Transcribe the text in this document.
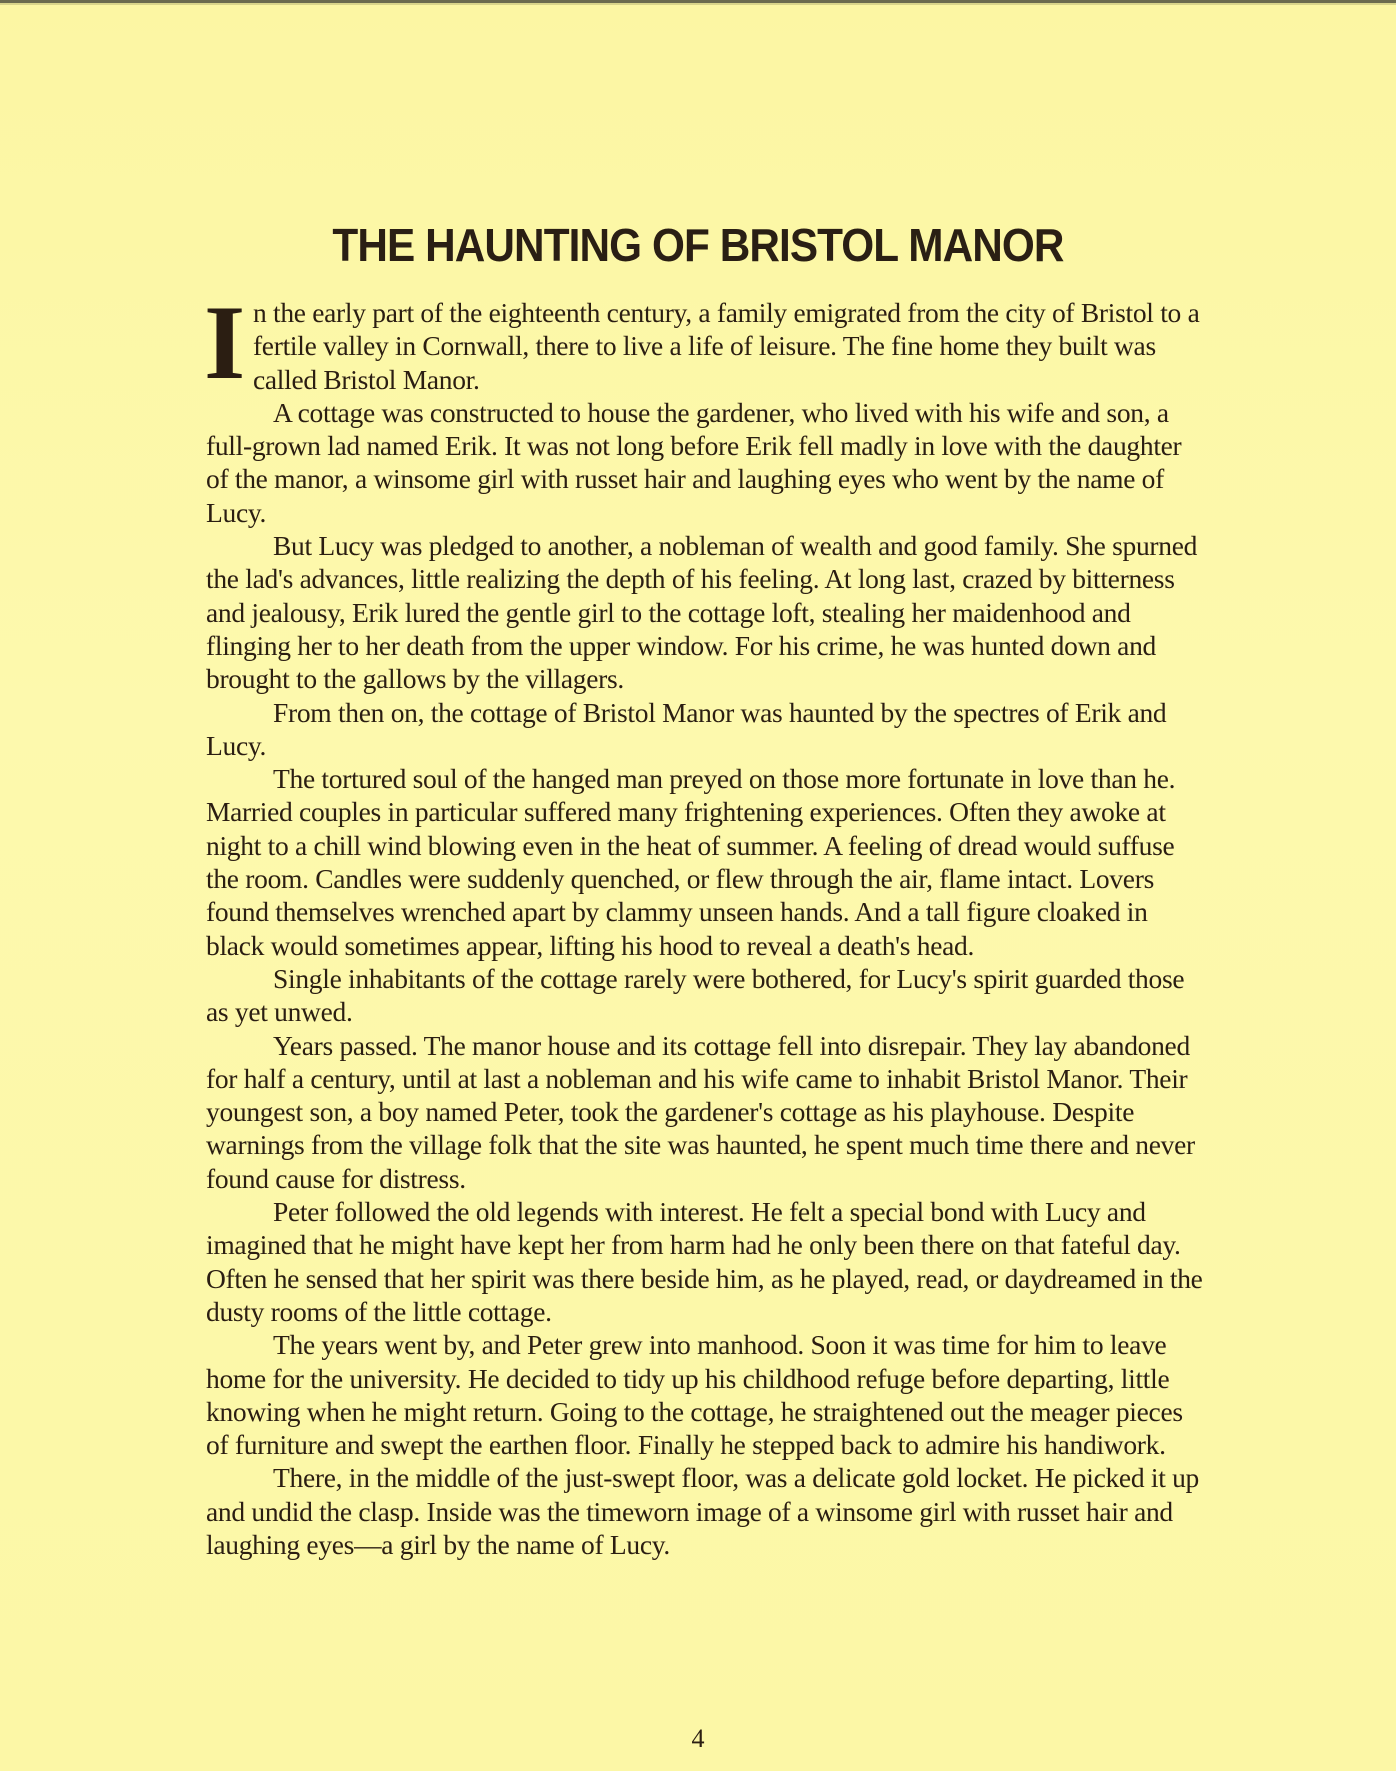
THE HAUNTING OF BRISTOL MANOR

In the early part of the eighteenth century, a family emigrated from the city of Bristol to a fertile valley in Cornwall, there to live a life of leisure. The fine home they built was called Bristol Manor.

A cottage was constructed to house the gardener, who lived with his wife and son, a full-grown lad named Erik. It was not long before Erik fell madly in love with the daughter of the manor, a winsome girl with russet hair and laughing eyes who went by the name of Lucy.

But Lucy was pledged to another, a nobleman of wealth and good family. She spurned the lad's advances, little realizing the depth of his feeling. At long last, crazed by bitterness and jealousy, Erik lured the gentle girl to the cottage loft, stealing her maidenhood and flinging her to her death from the upper window. For his crime, he was hunted down and brought to the gallows by the villagers.

From then on, the cottage of Bristol Manor was haunted by the spectres of Erik and Lucy.

The tortured soul of the hanged man preyed on those more fortunate in love than he. Married couples in particular suffered many frightening experiences. Often they awoke at night to a chill wind blowing even in the heat of summer. A feeling of dread would suffuse the room. Candles were suddenly quenched, or flew through the air, flame intact. Lovers found themselves wrenched apart by clammy unseen hands. And a tall figure cloaked in black would sometimes appear, lifting his hood to reveal a death's head.

Single inhabitants of the cottage rarely were bothered, for Lucy's spirit guarded those as yet unwed.

Years passed. The manor house and its cottage fell into disrepair. They lay abandoned for half a century, until at last a nobleman and his wife came to inhabit Bristol Manor. Their youngest son, a boy named Peter, took the gardener's cottage as his playhouse. Despite warnings from the village folk that the site was haunted, he spent much time there and never found cause for distress.

Peter followed the old legends with interest. He felt a special bond with Lucy and imagined that he might have kept her from harm had he only been there on that fateful day. Often he sensed that her spirit was there beside him, as he played, read, or daydreamed in the dusty rooms of the little cottage.

The years went by, and Peter grew into manhood. Soon it was time for him to leave home for the university. He decided to tidy up his childhood refuge before departing, little knowing when he might return. Going to the cottage, he straightened out the meager pieces of furniture and swept the earthen floor. Finally he stepped back to admire his handiwork.

There, in the middle of the just-swept floor, was a delicate gold locket. He picked it up and undid the clasp. Inside was the timeworn image of a winsome girl with russet hair and laughing eyes—a girl by the name of Lucy.

4
